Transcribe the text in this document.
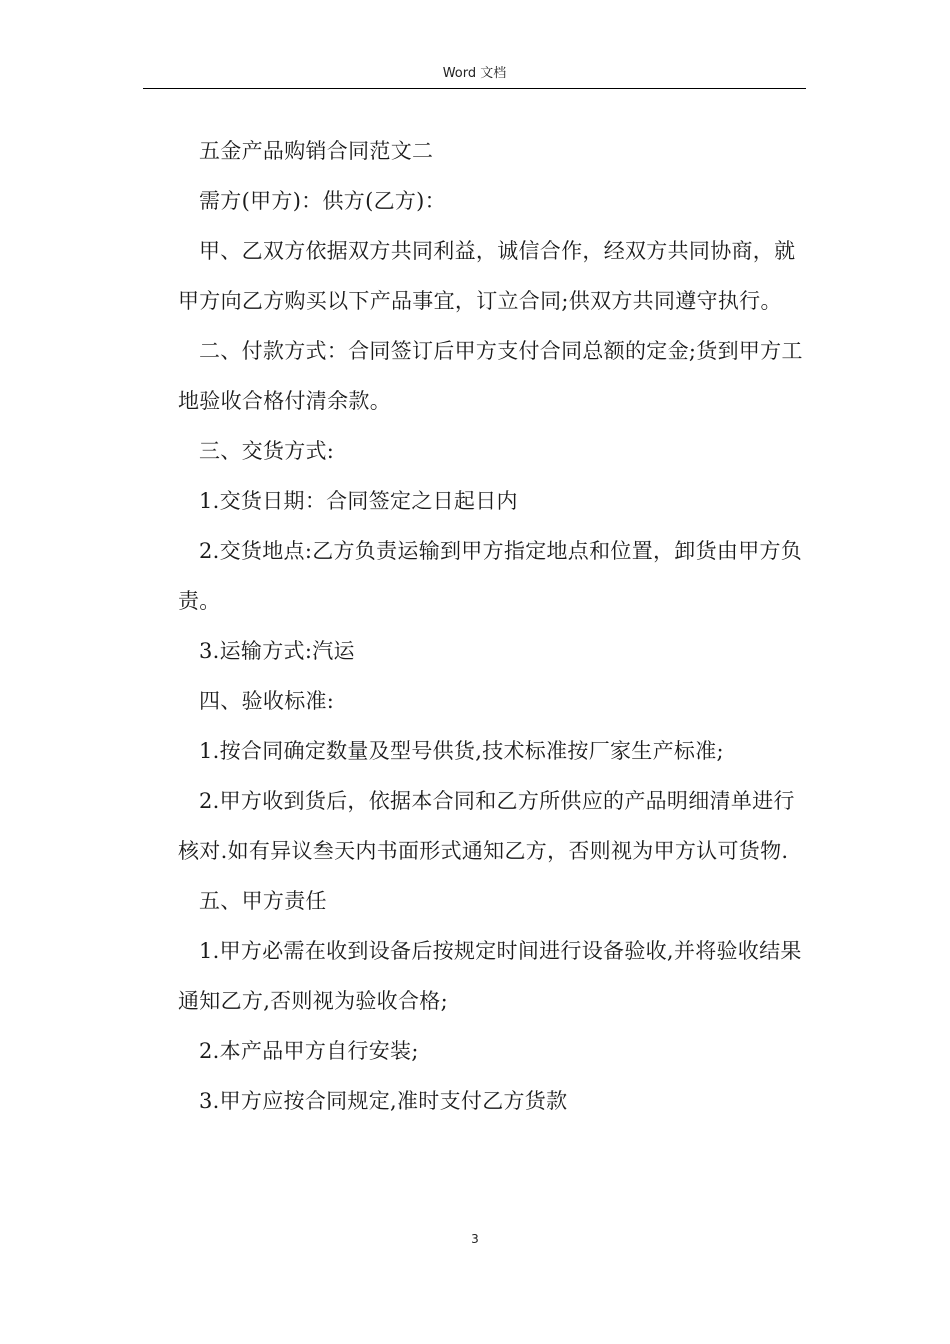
Word 文档

五金产品购销合同范文二

需方(甲方)：供方(乙方)：

甲、乙双方依据双方共同利益，诚信合作，经双方共同协商，就甲方向乙方购买以下产品事宜，订立合同;供双方共同遵守执行。

二、付款方式：合同签订后甲方支付合同总额的定金;货到甲方工地验收合格付清余款。

三、交货方式:

1.交货日期：合同签定之日起日内

2.交货地点:乙方负责运输到甲方指定地点和位置，卸货由甲方负责。

3.运输方式:汽运

四、验收标准:

1.按合同确定数量及型号供货,技术标准按厂家生产标准;

2.甲方收到货后，依据本合同和乙方所供应的产品明细清单进行核对.如有异议叁天内书面形式通知乙方，否则视为甲方认可货物.

五、甲方责任

1.甲方必需在收到设备后按规定时间进行设备验收,并将验收结果通知乙方,否则视为验收合格;

2.本产品甲方自行安装;

3.甲方应按合同规定,准时支付乙方货款

3
